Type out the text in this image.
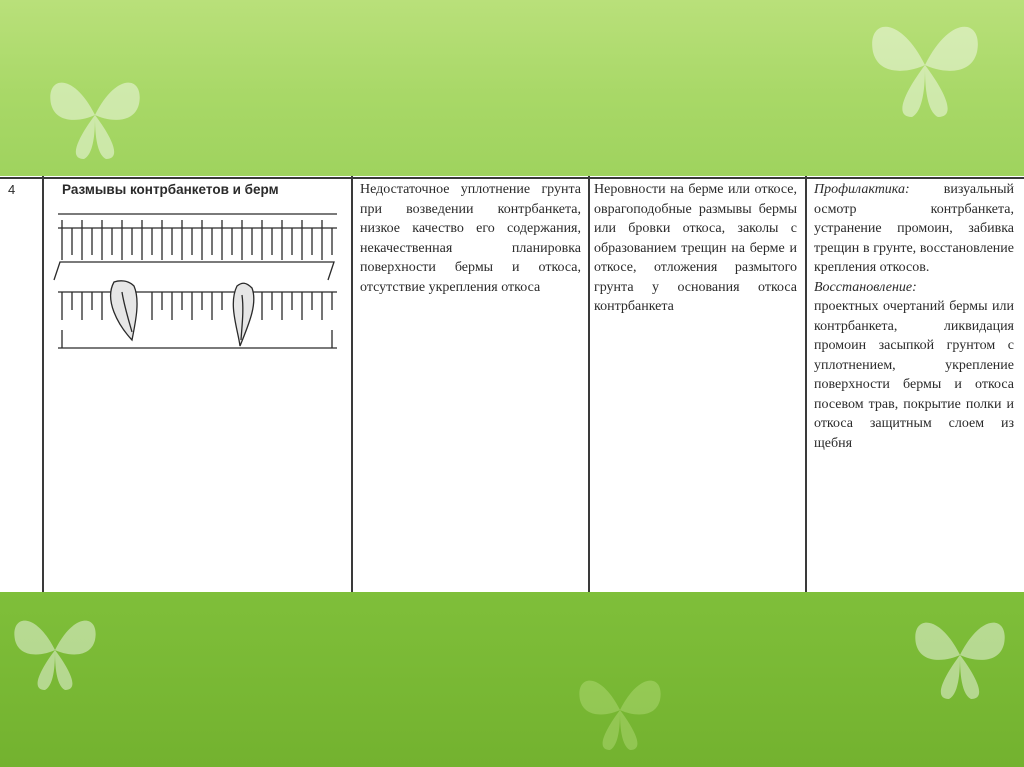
4	Размывы контрбанкетов и берм	Недостаточное уплотнение грунта при возведении контрбанкета, низкое качество его содержания, некачественная планировка поверхности бермы и откоса, отсутствие укрепления откоса
Неровности на берме или откосе, оврагоподобные размывы бермы или бровки откоса, заколы с образованием трещин на берме и откосе, отложения размытого грунта у основания откоса контрбанкета
Профилактика: визуальный осмотр контрбанкета, устранение промоин, забивка трещин в грунте, восстановление крепления откосов.
Восстановление:
проектных очертаний бермы или контрбанкета, ликвидация промоин засыпкой грунтом с уплотнением, укрепление поверхности бермы и откоса посевом трав, покрытие полки и откоса защитным слоем из щебня
